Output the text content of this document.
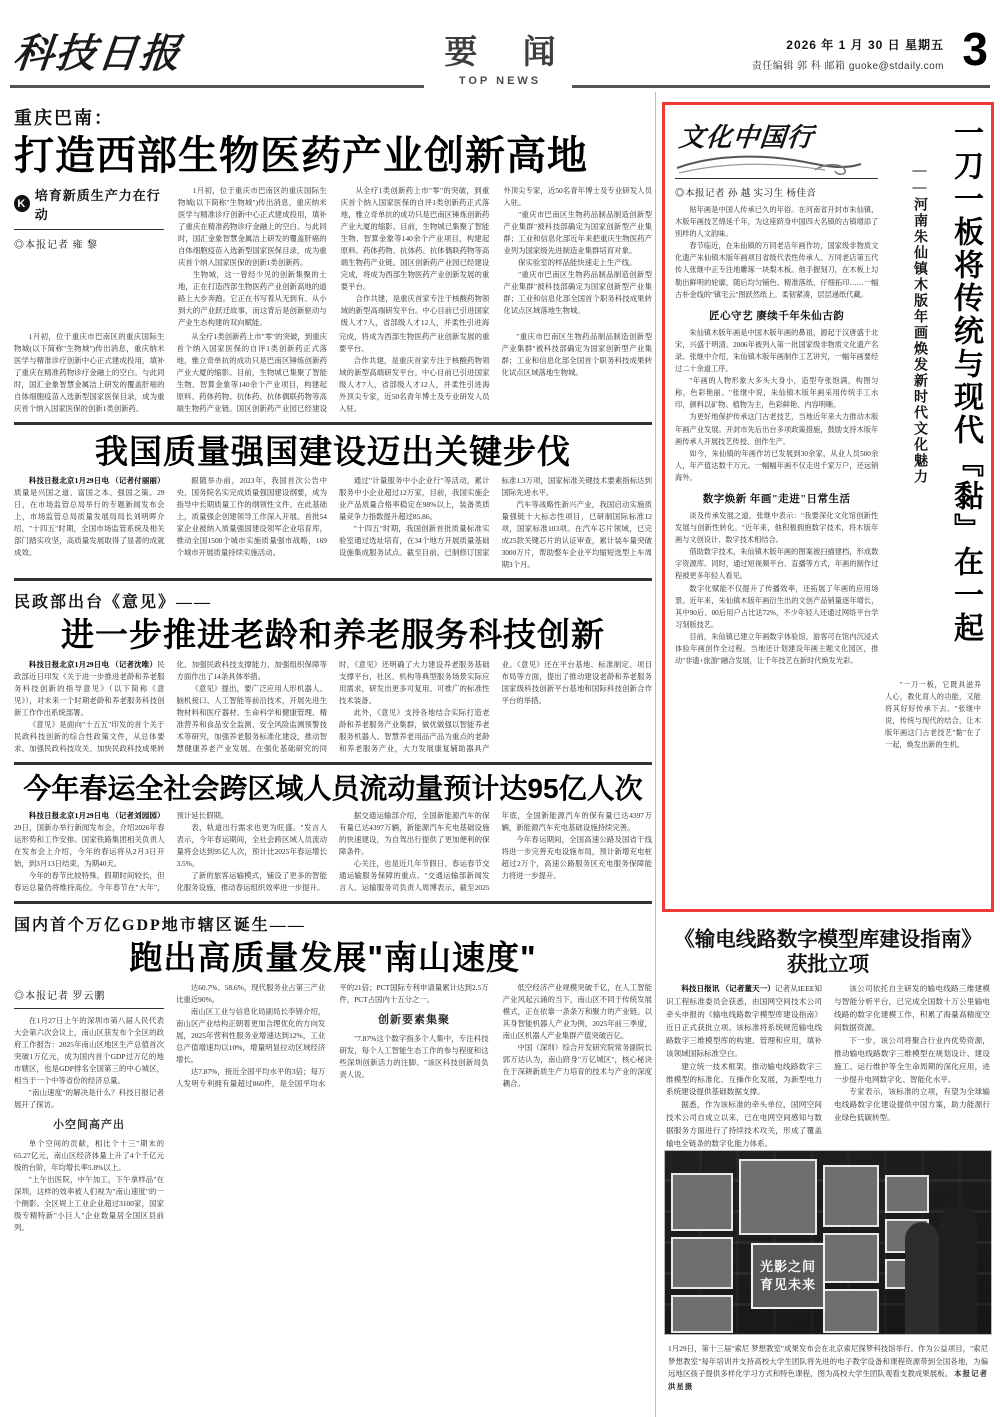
科技日报	要 闻
TOP NEWS
2026 年 1 月 30 日 星期五
责任编辑 郭 科 邮箱 guoke@stdaily.com 3
重庆巴南：
打造西部生物医药产业创新高地
K
培育新质生产力在行动
◎本报记者 雍 黎

1月初，位于重庆市巴南区的重庆国际生物城(以下简称"生物城")传出消息，重庆纳米医学与精准诊疗创新中心正式建成投用，填补了重庆在精准药物诊疗金融上的空白。与此同时，国汇金象智慧金属洁上研发的覆盖肝癌的自体细胞疫苗入选新型国家医保目录，成为重庆首个纳入国家医保的创新1类创新药。

生物城，这一曾经少见的创新集聚的土地，正在打造西部生物医药产业创新高地的道路上大步奔跑。它正在书写着从无到有、从小到大的产业跃迁故事，而这背后是创新驱动与产业生态构建的双向赋能。

从全疗1类创新药上市"零"的突破，到重庆首个纳入国家医保的自评1类创新药正式落地，雅立奇单抗的成功只是巴南区锤炼创新药产业大厦的缩影。目前，生物城已集聚了智能生物、智算金象等140余个产业项目，构建起原料、药体药物、抗体药、抗体偶联药物等高端生物药产业链。国区创新药产业园已经建设完成，将成为西部生物医药产业创新发展的重要平台。

合作共建，是重庆首家专注于核酸药物领域的新型高端研发平台。中心目前已引进国家级人才7人，省部级人才12人，并柔性引进海外顶尖专家，近50名青年博士及专业研发人员入驻。

"重庆市巴南区生物药品制品制造创新型产业集群"被科技部确定为国家创新型产业集群；工业和信息化部近年来把重庆生物医药产业列为国家级先进制造业集群培育对象。

保实验室的样品能快速走上生产线。

"重庆市巴南区生物药品制品制造创新型产业集群"被科技部确定为国家创新型产业集群；工业和信息化部全国首个职务科技成果转化试点区域落地生物城。

1月初，位于重庆市巴南区的重庆国际生物城(以下简称"生物城")传出消息，重庆纳米医学与精准诊疗创新中心正式建成投用，填补了重庆在精准药物诊疗金融上的空白。与此同时，国汇金象智慧金属洁上研发的覆盖肝癌的自体细胞疫苗入选新型国家医保目录，成为重庆首个纳入国家医保的创新1类创新药。

从全疗1类创新药上市"零"的突破，到重庆首个纳入国家医保的自评1类创新药正式落地，雅立奇单抗的成功只是巴南区锤炼创新药产业大厦的缩影。目前，生物城已集聚了智能生物、智算金象等140余个产业项目，构建起原料、药体药物、抗体药、抗体偶联药物等高端生物药产业链。国区创新药产业园已经建设完成，将成为西部生物医药产业创新发展的重要平台。

合作共建，是重庆首家专注于核酸药物领域的新型高端研发平台。中心目前已引进国家级人才7人，省部级人才12人，并柔性引进海外顶尖专家，近50名青年博士及专业研发人员入驻。

"重庆市巴南区生物药品制品制造创新型产业集群"被科技部确定为国家创新型产业集群；工业和信息化部全国首个职务科技成果转化试点区域落地生物城。

我国质量强国建设迈出关键步伐

科技日报北京1月29日电 （记者付丽丽）质量是兴国之道、富国之本、强国之策。29日，在市场监管总局举行的专题新闻发布会上，市场监管总局质量发展局局长刘明晖介绍，"十四五"时期，全国市场监管系统及相关部门踏实攻坚，高质量发展取得了显著的成就成效。

跟随举办前，2023年，我国首次公告中央、国务院名实完成质量强国建设纲要，成为指导中长期质量工作的纲领性文件。在此基础上，质量强企创建领导工作深入开展。首批54家企业被纳入质量强国建设领军企业培育库，推动全国1500个城市实施质量强市战略，169个城市开展质量持续实施活动。

通过"计量服务中小企业行"等活动，累计服务中小企业超过12万家，目前，我国实施企业产品质量合格率稳定在98%以上，装备类质量竞争力指数提升超过85.86。

"十四五"时期，我国创新首批质量标准实验室通过选址培育，在34个地方开展质量基础设施集成服务试点。截至目前，已制修订国家标准1.3万项，国家标准关键技术要素指标达到国际先进水平。

汽车等战略性新兴产业，我国启动实施质量强链十大标志性项目，已研制国际标准12项，国家标准103项。在汽车芯片领域，已完成25款关键芯片的认证审查，累计装车量突破3000万片，帮助整车企业平均缩短选型上车周期3个月。

民政部出台《意见》——
进一步推进老龄和养老服务科技创新

科技日报北京1月29日电 （记者沈唯）民政部近日印发《关于进一步推进老龄和养老服务科技创新的指导意见》（以下简称《意见》），对未来一个时期老龄和养老服务科技创新工作作出系统部署。

《意见》是面向"十五五"印发的首个关于民政科技创新的综合性政策文件，从总体要求、加强民政科技攻关、加快民政科技成果转化、加强民政科技支撑能力、加强组织保障等方面作出了14条具体举措。

《意见》提出，要广泛应用人形机器人、脑机接口、人工智能等前沿技术，开展先进生物材料和医疗器材、生命科学和健康管理、精准营养和食品安全监测、安全风险监测预警技术等研究，加强养老服务标准化建设，推动智慧健康养老产业发展。在强化基础研究的同时，《意见》还明确了大力建设养老服务基础支撑平台，社区、机构等典型服务场景实际应用需求，研发出更多可复用、可推广的标准性技术装备。

此外，《意见》支持各地结合实际打造老龄和养老服务产业集群，做优做强以智能养老服务机器人、智慧养老用品产品为重点的老龄和养老服务产业，大力发展康复辅助器具产业。《意见》还在平台基地、标准制定、项目布局等方面，提出了推动建设老龄和养老服务国家级科技创新平台基地和国际科技创新合作平台的举措。

今年春运全社会跨区域人员流动量预计达95亿人次

科技日报北京1月29日电 （记者刘园园）29日，国新办举行新闻发布会，介绍2026年春运形势和工作安排。国家铁路集团相关负责人在发布会上介绍，今年的春运将从2月3日开始，到3月13日结束，为期40天。

今年的春节比较特殊，假期时间较长，但春运总量仍将维持高位。今年春节在"大年"，预计延长假期。

表，轨道出行需求也更为旺盛。"发言人表示，今年春运期间，全社会跨区域人员流动量将会达到95亿人次，预计比2025年春运增长3.5%。

了新的旅客运输模式，铺设了更多的智能化服务设施，推动春运组织效率进一步提升。

据交通运输部介绍，全国新能源汽车的保有量已达4397万辆，新能源汽车充电基础设施的快速建设，为自驾出行提供了更加便利的保障条件。

心关注，也是近几年节假日、春运春节交通运输服务保障的重点。"交通运输部新闻发言人、运输服务司负责人周博表示，截至2025年底，全国新能源汽车的保有量已达4397万辆，新能源汽车充电基础设施持续完善。

今年春运期间，全国高速公路及国省干线将进一步完善充电设施布局，预计新增充电桩超过2万个，高速公路服务区充电服务保障能力将进一步提升。

国内首个万亿GDP地市辖区诞生——
跑出高质量发展"南山速度"
◎本报记者 罗云鹏

在1月27日上午的深圳市第八届人民代表大会第六次会议上，南山区获发布个全区的政府工作报告：2025年南山区地区生产总值首次突破1万亿元，成为国内首个GDP过万亿的地市辖区，也是GDP排名全国第三的中心城区，相当于一个中等省份的经济总量。

"南山速度"的解决是什么？科技日报记者展开了探访。

小空间高产出

单个空间的贡献，相比个十三"期末的65.27亿元，南山区经济体量上升了4个千亿元级的台阶，年均增长率5.8%以上。

"上午出医院，中午加工，下午拿样品"在深圳，这样的效率被人们视为"南山速度"的一个侧影。全区规上工业企业超过3100家，国家级专精特新"小巨人"企业数量居全国区县前列。

达60.7%、58.6%，现代服务业占第三产业比重近90%。

南山区工业与信息化局副局长李锦介绍，南山区产业结构正朝着更加合理优化的方向发展，2025年营利性服务业增速达到12%，工业总产值增速均以10%，增量明显拉动区域经济增长。

达7.87%，接近全国平均水平的3倍；每万人发明专利拥有量超过860件，是全国平均水平的21倍；PCT国际专利申请量累计达到2.5万件，PCT占国内十五分之一。

创新要素集聚

"7.87%这个数字指多个人集中，专注科技研发，每个人工智能生态工作的参与程度和这些深圳创新活力的注脚。"该区科技创新局负责人说。

低空经济产业规模突破千亿，在人工智能产业风起云涌的当下，南山区不同于传统发展模式，正在依靠一条条万和聚力的产业链。以其身智能机器人产业为例，2025年前三季度，南山区机器人产业集群产值突破百亿。

中国（深圳）综合开发研究院常务副院长郭万达认为，南山跻身"万亿城区"，核心秘诀在于深耕新质生产力培育的技术与产业的深度耦合。

文化中国行
◎本报记者 孙 越 实习生 杨佳音

贴年画是中国人传承已久的年俗。在河南省开封市朱仙镇，木版年画技艺绵延千年，为这座跻身中国四大名镇的古镇增添了别样的人文韵味。

春节临近，在朱仙镇的万同老店年画作坊，国家级非物质文化遗产朱仙镇木版年画项目省级代表性传承人、万同老店第五代传人张继中正专注地雕琢一块梨木板。他手握刻刀，在木板上勾勒出鲜明的轮廓，随后均匀铺色、精准落纸、仔细拓印……一幅古朴金线的"镇宅云"图跃然纸上。柔韧紧凑，层层递纸代藏。

匠心守艺 赓续千年朱仙古韵

朱仙镇木版年画是中国木版年画的鼻祖，源起于汉唐盛于北宋，兴盛于明清。2006年被列入第一批国家级非物质文化遗产名录。张继中介绍，朱仙镇木版年画制作工艺讲究，一幅年画要经过二十余道工序。

"年画的人物形象大多头大身小，造型夸张饱满，构图匀称，色彩艳丽。"张继中说，朱仙镇木版年画采用传统手工水印，颜料以矿物、植物为主，色彩鲜艳、内容明晰。

为更好地保护传承这门古老技艺，当地近年来大力推动木版年画产业发展。开封市先后出台多项政策措施，鼓励支持木版年画传承人开展技艺传授、创作生产。

如今，朱仙镇的年画作坊已发展到30余家，从业人员500余人，年产值达数千万元。一幅幅年画不仅走进千家万户，还远销海外。

数字焕新 年画"走进"日常生活

谈及传承发展之道，张继中表示："我要深化文化馆创新性发展与创新性转化。"近年来，他积极拥抱数字技术，将木版年画与文创设计、数字技术相结合。

借助数字技术，朱仙镇木版年画的图案被扫描建档，形成数字资源库。同时，通过短视频平台、直播等方式，年画的制作过程被更多年轻人看见。

数字化赋能不仅提升了传播效率，还拓展了年画的应用场景。近年来，朱仙镇木版年画衍生出的文创产品销量逐年增长，其中90后、00后用户占比达72%，不少年轻人还通过网络平台学习刻版技艺。

目前，朱仙镇已建立年画数字体验馆，游客可在馆内沉浸式体验年画创作全过程。当地还计划建设年画主题文化园区，推动"非遗+旅游"融合发展，让千年技艺在新时代焕发光彩。

一刀一板将传统与现代『黏』在一起
——河南朱仙镇木版年画焕发新时代文化魅力

"一刀一板，它既具滋养人心，教化育人的功能，又能将其好好传承下去。"张继中说，传统与现代的结合，让木版年画这门古老技艺"黏"在了一起，焕发出新的生机。

《输电线路数字模型库建设指南》获批立项

科技日报讯 （记者董天一）记者从IEEE知识工程标准委员会获悉，由国网空间技术公司牵头申报的《输电线路数字模型库建设指南》近日正式获批立项。该标准将系统规范输电线路数字三维模型库的构建、管理和应用，填补该领域国际标准空白。

建立统一技术框架，推动输电线路数字三维模型的标准化、互操作化发展，为新型电力系统建设提供基础数据支撑。

据悉，作为该标准的牵头单位，国网空间技术公司自成立以来，已在电网空间感知与数据服务方面进行了持续技术攻关，形成了覆盖输电全链条的数字化能力体系。

该公司依托自主研发的输电线路三维建模与智能分析平台，已完成全国数十万公里输电线路的数字化建模工作，积累了海量高精度空间数据资源。

下一步，该公司将聚合行业内优势资源，推动输电线路数字三维模型在规划设计、建设施工、运行维护等全生命周期的深化应用，进一步提升电网数字化、智能化水平。

专家表示，该标准的立项，有望为全球输电线路数字化建设提供中国方案，助力能源行业绿色低碳转型。

光影之间
育见未来
1月29日，第十三届"索尼 梦想教室"成果发布会在北京索尼探梦科技馆举行。作为公益项目，"索尼 梦想教室"每年培训并支持高校大学生团队将先进的电子教学设备和课程资源带到全国各地，为偏远地区孩子提供多样化学习方式和特色课程，图为高校大学生团队观看支教成果展板。 本报记者 洪星摄
